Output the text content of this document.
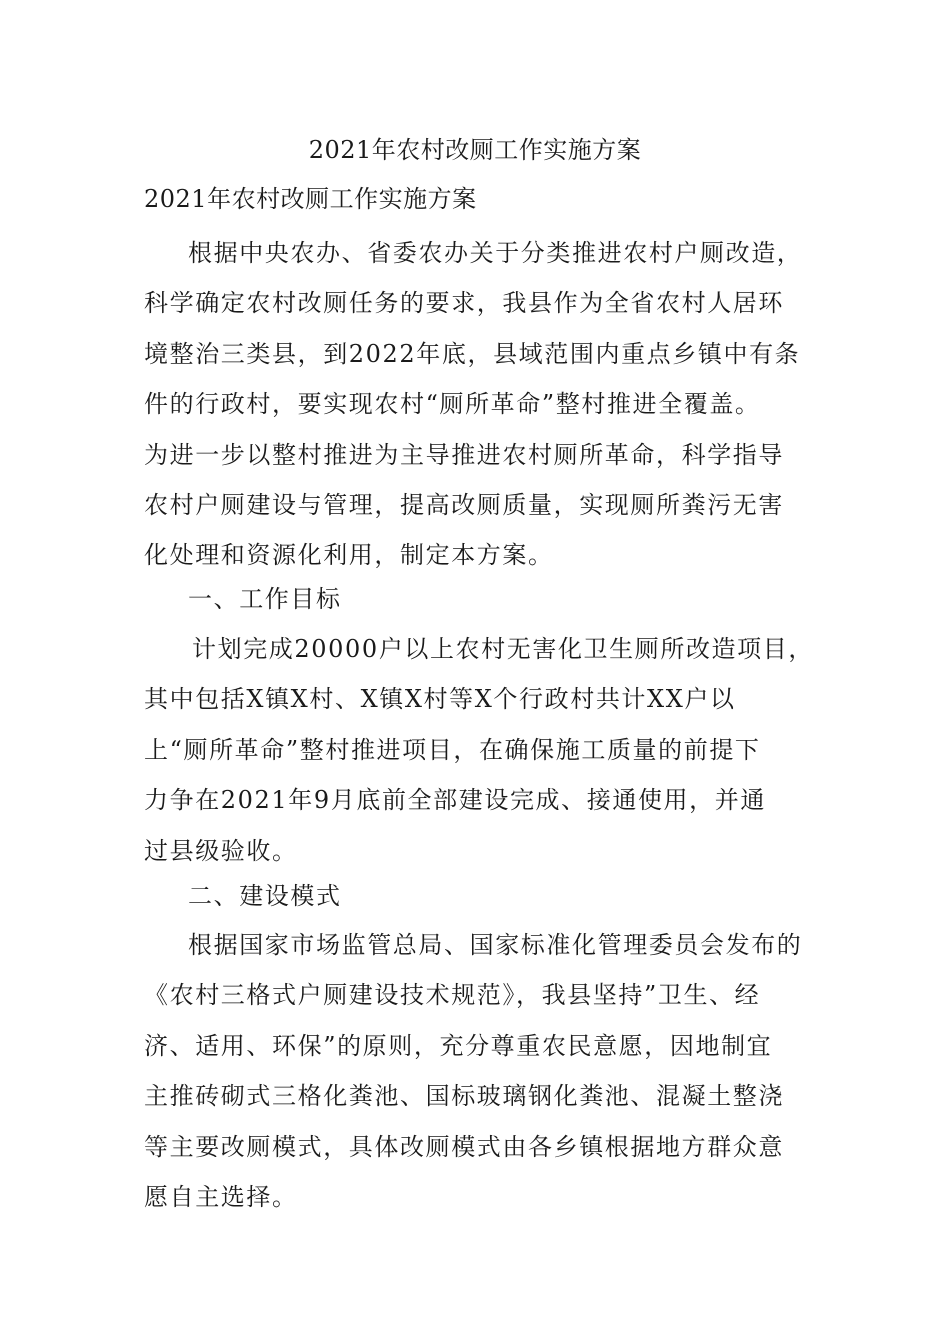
2021年农村改厕工作实施方案
2021年农村改厕工作实施方案
根据中央农办、省委农办关于分类推进农村户厕改造，
科学确定农村改厕任务的要求，我县作为全省农村人居环
境整治三类县，到2022年底，县域范围内重点乡镇中有条
件的行政村，要实现农村“厕所革命”整村推进全覆盖。
为进一步以整村推进为主导推进农村厕所革命，科学指导
农村户厕建设与管理，提高改厕质量，实现厕所粪污无害
化处理和资源化利用，制定本方案。
一、工作目标
计划完成20000户以上农村无害化卫生厕所改造项目，
其中包括X镇X村、X镇X村等X个行政村共计XX户以
上“厕所革命”整村推进项目，在确保施工质量的前提下
力争在2021年9月底前全部建设完成、接通使用，并通
过县级验收。
二、建设模式
根据国家市场监管总局、国家标准化管理委员会发布的
《农村三格式户厕建设技术规范》，我县坚持”卫生、经
济、适用、环保”的原则，充分尊重农民意愿，因地制宜
主推砖砌式三格化粪池、国标玻璃钢化粪池、混凝土整浇
等主要改厕模式，具体改厕模式由各乡镇根据地方群众意
愿自主选择。
